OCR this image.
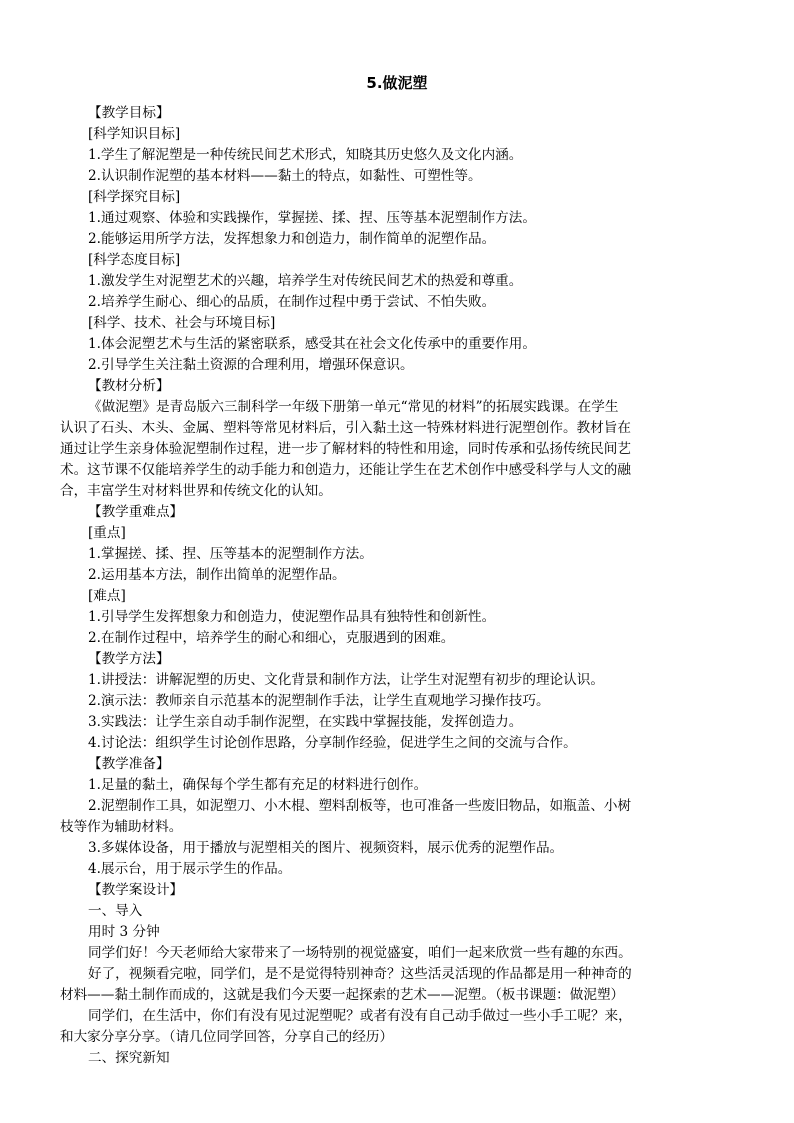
5.做泥塑

【教学目标】

[科学知识目标]

1.学生了解泥塑是一种传统民间艺术形式，知晓其历史悠久及文化内涵。

2.认识制作泥塑的基本材料——黏土的特点，如黏性、可塑性等。

[科学探究目标]

1.通过观察、体验和实践操作，掌握搓、揉、捏、压等基本泥塑制作方法。

2.能够运用所学方法，发挥想象力和创造力，制作简单的泥塑作品。

[科学态度目标]

1.激发学生对泥塑艺术的兴趣，培养学生对传统民间艺术的热爱和尊重。

2.培养学生耐心、细心的品质，在制作过程中勇于尝试、不怕失败。

[科学、技术、社会与环境目标]

1.体会泥塑艺术与生活的紧密联系，感受其在社会文化传承中的重要作用。

2.引导学生关注黏土资源的合理利用，增强环保意识。

【教材分析】

《做泥塑》是青岛版六三制科学一年级下册第一单元“常见的材料”的拓展实践课。在学生

认识了石头、木头、金属、塑料等常见材料后，引入黏土这一特殊材料进行泥塑创作。教材旨在

通过让学生亲身体验泥塑制作过程，进一步了解材料的特性和用途，同时传承和弘扬传统民间艺

术。这节课不仅能培养学生的动手能力和创造力，还能让学生在艺术创作中感受科学与人文的融

合，丰富学生对材料世界和传统文化的认知。

【教学重难点】

[重点]

1.掌握搓、揉、捏、压等基本的泥塑制作方法。

2.运用基本方法，制作出简单的泥塑作品。

[难点]

1.引导学生发挥想象力和创造力，使泥塑作品具有独特性和创新性。

2.在制作过程中，培养学生的耐心和细心，克服遇到的困难。

【教学方法】

1.讲授法：讲解泥塑的历史、文化背景和制作方法，让学生对泥塑有初步的理论认识。

2.演示法：教师亲自示范基本的泥塑制作手法，让学生直观地学习操作技巧。

3.实践法：让学生亲自动手制作泥塑，在实践中掌握技能，发挥创造力。

4.讨论法：组织学生讨论创作思路，分享制作经验，促进学生之间的交流与合作。

【教学准备】

1.足量的黏土，确保每个学生都有充足的材料进行创作。

2.泥塑制作工具，如泥塑刀、小木棍、塑料刮板等，也可准备一些废旧物品，如瓶盖、小树

枝等作为辅助材料。

3.多媒体设备，用于播放与泥塑相关的图片、视频资料，展示优秀的泥塑作品。

4.展示台，用于展示学生的作品。

【教学案设计】

一、导入

用时 3 分钟

同学们好！今天老师给大家带来了一场特别的视觉盛宴，咱们一起来欣赏一些有趣的东西。

好了，视频看完啦，同学们，是不是觉得特别神奇？这些活灵活现的作品都是用一种神奇的

材料——黏土制作而成的，这就是我们今天要一起探索的艺术——泥塑。（板书课题：做泥塑）

同学们，在生活中，你们有没有见过泥塑呢？或者有没有自己动手做过一些小手工呢？来，

和大家分享分享。（请几位同学回答，分享自己的经历）

二、探究新知
